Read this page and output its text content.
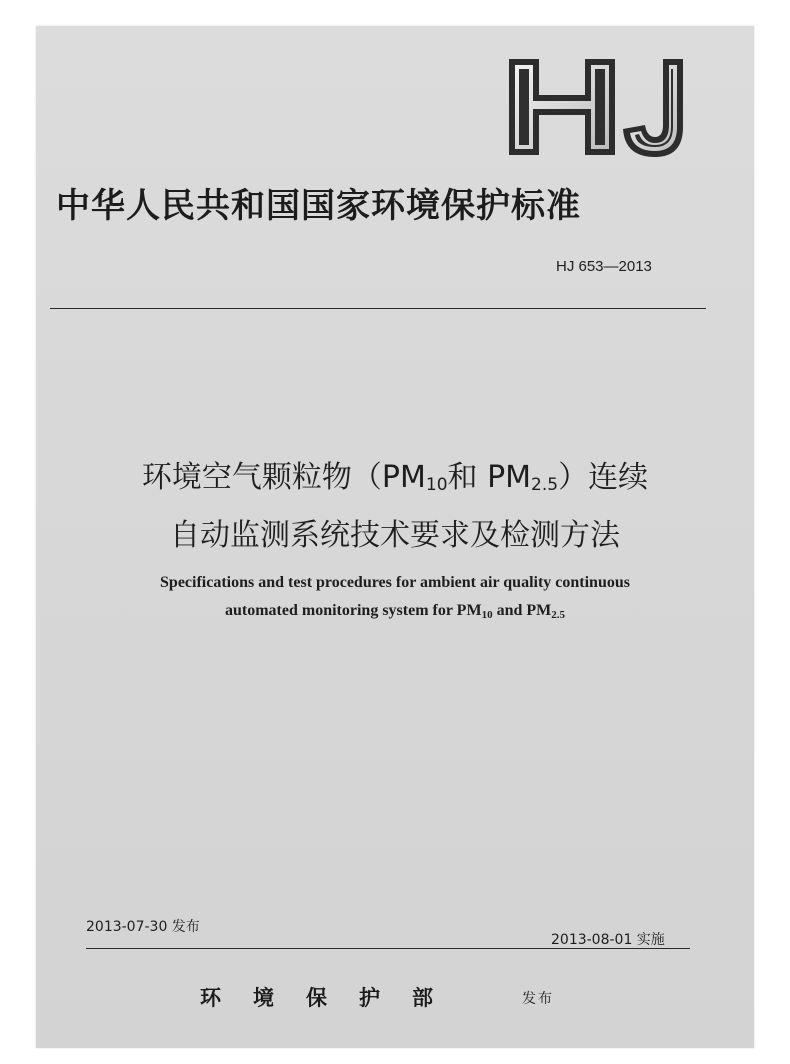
中华人民共和国国家环境保护标准
HJ 653—2013
环境空气颗粒物（$PM_{10}$和 $PM_{2.5}$）连续
自动监测系统技术要求及检测方法
Specifications and test procedures for ambient air quality continuous
automated monitoring system for $PM_{10}$ and $PM_{2.5}$
2013-07-30 发布
2013-08-01 实施
环境保护部	发布
